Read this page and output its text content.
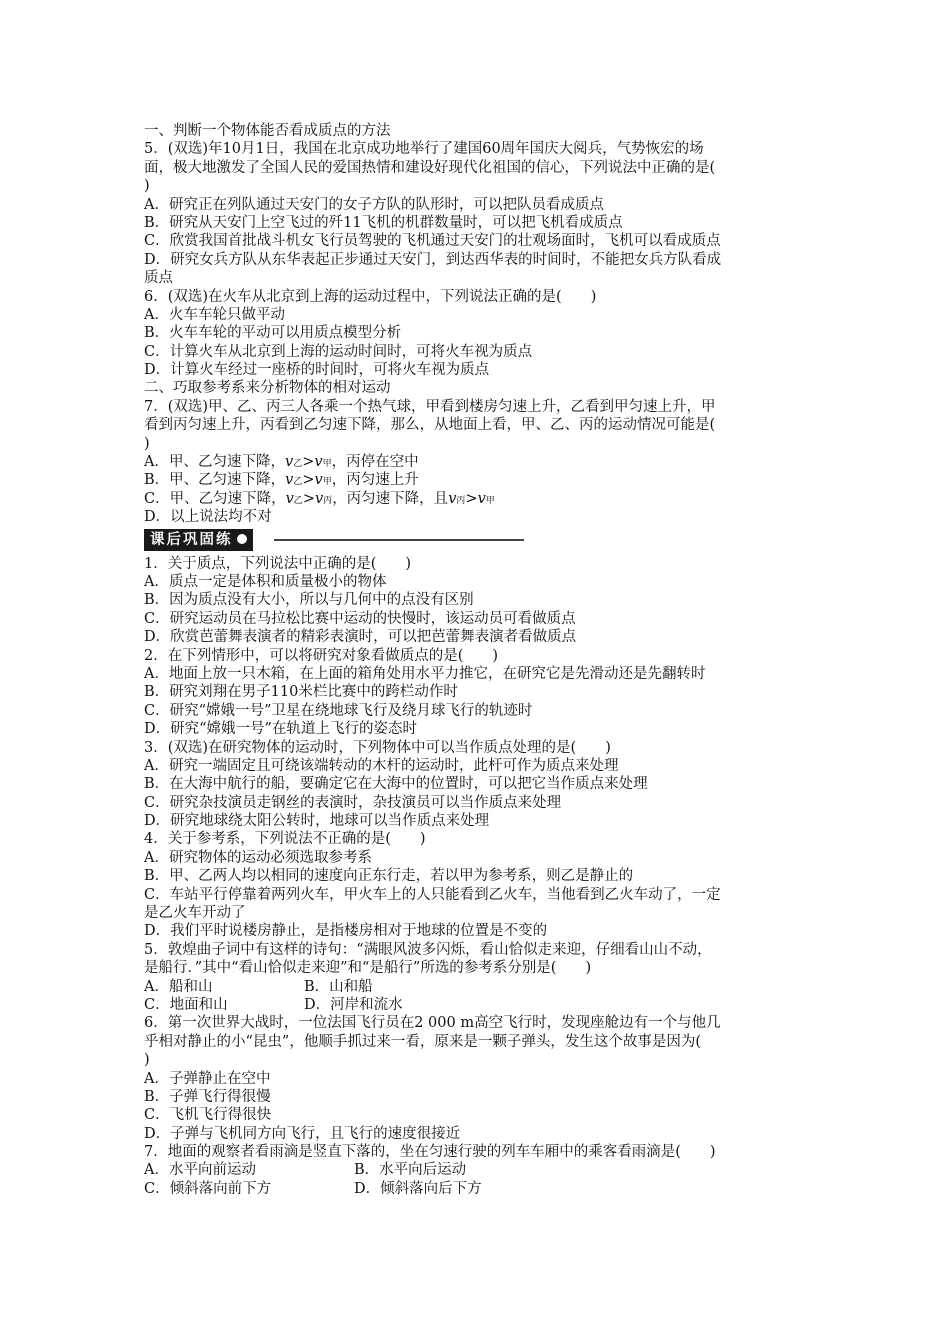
一、判断一个物体能否看成质点的方法
5．(双选)年10月1日，我国在北京成功地举行了建国60周年国庆大阅兵，气势恢宏的场
面，极大地激发了全国人民的爱国热情和建设好现代化祖国的信心，下列说法中正确的是(
)
A．研究正在列队通过天安门的女子方队的队形时，可以把队员看成质点
B．研究从天安门上空飞过的歼11飞机的机群数量时，可以把飞机看成质点
C．欣赏我国首批战斗机女飞行员驾驶的飞机通过天安门的壮观场面时，飞机可以看成质点
D．研究女兵方队从东华表起正步通过天安门，到达西华表的时间时，不能把女兵方队看成
质点
6．(双选)在火车从北京到上海的运动过程中，下列说法正确的是(　　)
A．火车车轮只做平动
B．火车车轮的平动可以用质点模型分析
C．计算火车从北京到上海的运动时间时，可将火车视为质点
D．计算火车经过一座桥的时间时，可将火车视为质点
二、巧取参考系来分析物体的相对运动
7．(双选)甲、乙、丙三人各乘一个热气球，甲看到楼房匀速上升，乙看到甲匀速上升，甲
看到丙匀速上升，丙看到乙匀速下降，那么，从地面上看，甲、乙、丙的运动情况可能是(
)
A．甲、乙匀速下降，v乙>v甲，丙停在空中
B．甲、乙匀速下降，v乙>v甲，丙匀速上升
C．甲、乙匀速下降，v乙>v丙，丙匀速下降，且v丙>v甲
D．以上说法均不对
课后巩固练
1．关于质点，下列说法中正确的是(　　)
A．质点一定是体积和质量极小的物体
B．因为质点没有大小，所以与几何中的点没有区别
C．研究运动员在马拉松比赛中运动的快慢时，该运动员可看做质点
D．欣赏芭蕾舞表演者的精彩表演时，可以把芭蕾舞表演者看做质点
2．在下列情形中，可以将研究对象看做质点的是(　　)
A．地面上放一只木箱，在上面的箱角处用水平力推它，在研究它是先滑动还是先翻转时
B．研究刘翔在男子110米栏比赛中的跨栏动作时
C．研究“嫦娥一号”卫星在绕地球飞行及绕月球飞行的轨迹时
D．研究“嫦娥一号”在轨道上飞行的姿态时
3．(双选)在研究物体的运动时，下列物体中可以当作质点处理的是(　　)
A．研究一端固定且可绕该端转动的木杆的运动时，此杆可作为质点来处理
B．在大海中航行的船，要确定它在大海中的位置时，可以把它当作质点来处理
C．研究杂技演员走钢丝的表演时，杂技演员可以当作质点来处理
D．研究地球绕太阳公转时，地球可以当作质点来处理
4．关于参考系，下列说法不正确的是(　　)
A．研究物体的运动必须选取参考系
B．甲、乙两人均以相同的速度向正东行走，若以甲为参考系，则乙是静止的
C．车站平行停靠着两列火车，甲火车上的人只能看到乙火车，当他看到乙火车动了，一定
是乙火车开动了
D．我们平时说楼房静止，是指楼房相对于地球的位置是不变的
5．敦煌曲子词中有这样的诗句：“满眼风波多闪烁，看山恰似走来迎，仔细看山山不动，
是船行．”其中“看山恰似走来迎”和“是船行”所选的参考系分别是(　　)
A．船和山	B．山和船
C．地面和山	D．河岸和流水
6．第一次世界大战时，一位法国飞行员在2 000 m高空飞行时，发现座舱边有一个与他几
乎相对静止的小“昆虫”，他顺手抓过来一看，原来是一颗子弹头，发生这个故事是因为(
)
A．子弹静止在空中
B．子弹飞行得很慢
C．飞机飞行得很快
D．子弹与飞机同方向飞行，且飞行的速度很接近
7．地面的观察者看雨滴是竖直下落的，坐在匀速行驶的列车车厢中的乘客看雨滴是(　　)
A．水平向前运动	B．水平向后运动
C．倾斜落向前下方	D．倾斜落向后下方
